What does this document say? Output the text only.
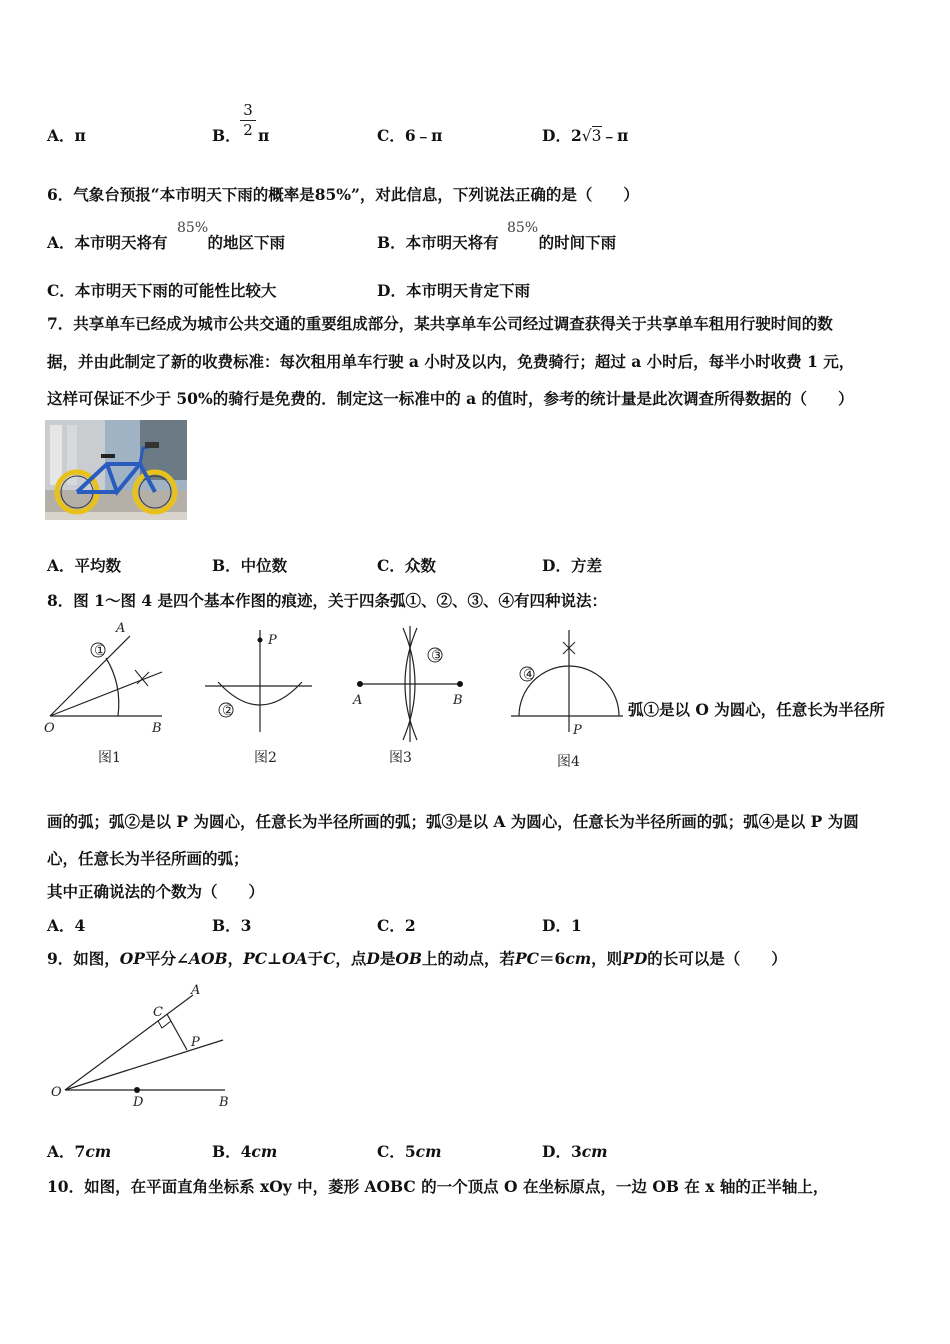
A．π	B． $\frac{3}{2}$ π	C．6﹣π	D．2√3﹣π
6．气象台预报“本市明天下雨的概率是85%”，对此信息，下列说法正确的是（　　）
A．本市明天将有	的地区下雨
85%
B．本市明天将有	的时间下雨
85%
C．本市明天下雨的可能性比较大	D．本市明天肯定下雨
7．共享单车已经成为城市公共交通的重要组成部分，某共享单车公司经过调查获得关于共享单车租用行驶时间的数
据，并由此制定了新的收费标准：每次租用单车行驶 a 小时及以内，免费骑行；超过 a 小时后，每半小时收费 1 元，
这样可保证不少于 50%的骑行是免费的．制定这一标准中的 a 的值时，参考的统计量是此次调查所得数据的（　　）
A．平均数	B．中位数	C．众数	D．方差
8．图 1～图 4 是四个基本作图的痕迹，关于四条弧①、②、③、④有四种说法：
①
A
O	B
图1
P
②
图2
③
A	B
图3
④
P
图4
弧①是以 O 为圆心，任意长为半径所
画的弧；弧②是以 P 为圆心，任意长为半径所画的弧；弧③是以 A 为圆心，任意长为半径所画的弧；弧④是以 P 为圆
心，任意长为半径所画的弧；
其中正确说法的个数为（　　）
A．4	B．3	C．2	D．1
9．如图，OP平分∠AOB，PC⊥OA于C，点D是OB上的动点，若PC＝6cm，则PD的长可以是（　　）
A
C
P
O
D	B
A．7cm	B．4cm	C．5cm	D．3cm
10．如图，在平面直角坐标系 xOy 中，菱形 AOBC 的一个顶点 O 在坐标原点，一边 OB 在 x 轴的正半轴上，
